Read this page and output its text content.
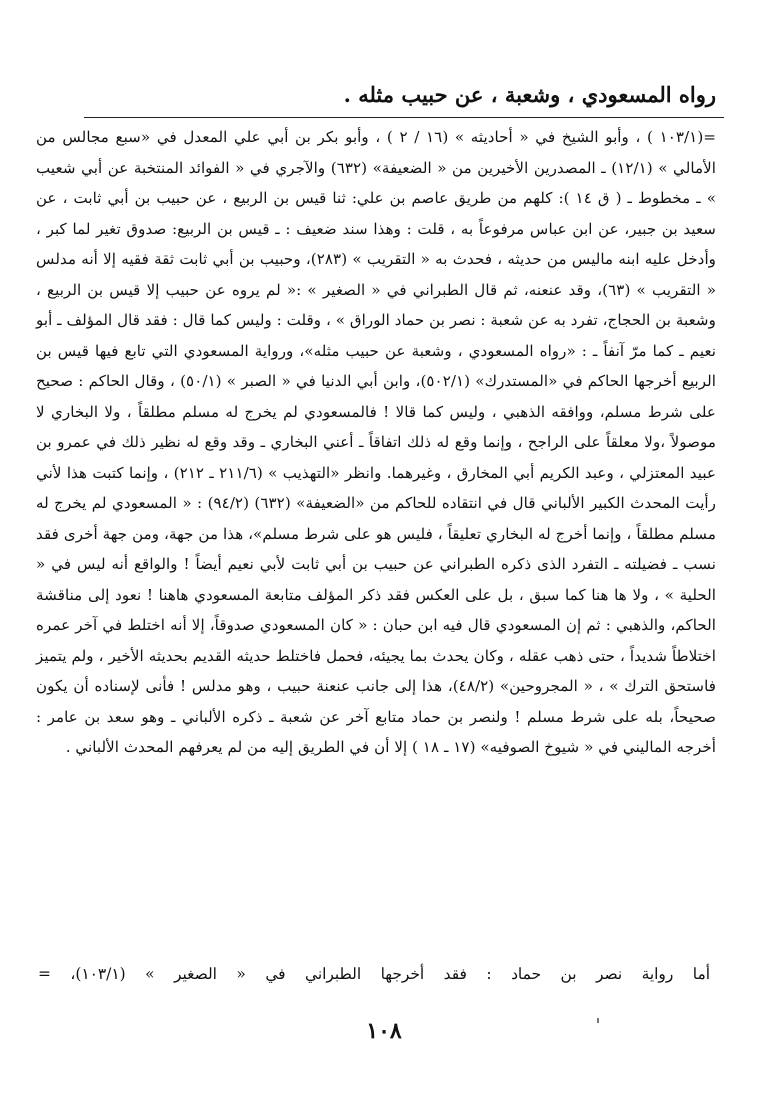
رواه المسعودي ، وشعبة ، عن حبيب مثله .

=(١٠٣/١ ) ، وأبو الشيخ في « أحاديثه » (١٦ / ٢ ) ، وأبو بكر بن أبي علي المعدل في «سبع مجالس من الأمالي » (١٢/١) ـ المصدرين الأخيرين من « الضعيفة» (٦٣٢) والآجري في « الفوائد المنتخبة عن أبي شعيب » ـ مخطوط ـ ( ق ١٤ ): كلهم من طريق عاصم بن علي: ثنا قيس بن الربيع ، عن حبيب بن أبي ثابت ، عن سعيد بن جبير، عن ابن عباس مرفوعاً به ، قلت : وهذا سند ضعيف : ـ قيس بن الربيع: صدوق تغير لما كبر ، وأدخل عليه ابنه ماليس من حديثه ، فحدث به « التقريب » (٢٨٣)، وحبيب بن أبي ثابت ثقة فقيه إلا أنه مدلس « التقريب » (٦٣)، وقد عنعنه، ثم قال الطبراني في « الصغير » :« لم يروه عن حبيب إلا قيس بن الربيع ، وشعبة بن الحجاج، تفرد به عن شعبة : نصر بن حماد الوراق » ، وقلت : وليس كما قال : فقد قال المؤلف ـ أبو نعيم ـ كما مرّ آنفاً ـ : «رواه المسعودي ، وشعبة عن حبيب مثله»، ورواية المسعودي التي تابع فيها قيس بن الربيع أخرجها الحاكم في «المستدرك» (٥٠٢/١)، وابن أبي الدنيا في « الصبر » (٥٠/١) ، وقال الحاكم : صحيح على شرط مسلم، ووافقه الذهبي ، وليس كما قالا ! فالمسعودي لم يخرج له مسلم مطلقاً ، ولا البخاري لا موصولاً ،ولا معلقاً على الراجح ، وإنما وقع له ذلك اتفاقاً ـ أعني البخاري ـ وقد وقع له نظير ذلك في عمرو بن عبيد المعتزلي ، وعبد الكريم أبي المخارق ، وغيرهما. وانظر «التهذيب » (٢١١/٦ ـ ٢١٢) ، وإنما كتبت هذا لأني رأيت المحدث الكبير الألباني قال في انتقاده للحاكم من «الضعيفة» (٦٣٢) (٩٤/٢) : « المسعودي لم يخرج له مسلم مطلقاً ، وإنما أخرج له البخاري تعليقاً ، فليس هو على شرط مسلم»، هذا من جهة، ومن جهة أخرى فقد نسب ـ فضيلته ـ التفرد الذى ذكره الطبراني عن حبيب بن أبي ثابت لأبي نعيم أيضاً ! والواقع أنه ليس في « الحلية » ، ولا ها هنا كما سبق ، بل على العكس فقد ذكر المؤلف متابعة المسعودي هاهنا ! نعود إلى مناقشة الحاكم، والذهبي : ثم إن المسعودي قال فيه ابن حبان : « كان المسعودي صدوقاً، إلا أنه اختلط في آخر عمره اختلاطاً شديداً ، حتى ذهب عقله ، وكان يحدث بما يجيئه، فحمل فاختلط حديثه القديم بحديثه الأخير ، ولم يتميز فاستحق الترك » ، « المجروحين» (٤٨/٢)، هذا إلى جانب عنعنة حبيب ، وهو مدلس ! فأنى لإسناده أن يكون صحيحاً، بله على شرط مسلم ! ولنصر بن حماد متابع آخر عن شعبة ـ ذكره الألباني ـ وهو سعد بن عامر : أخرجه الماليني في « شيوخ الصوفيه» (١٧ ـ ١٨ ) إلا أن في الطريق إليه من لم يعرفهم المحدث الألباني .

أما رواية نصر بن حماد : فقد أخرجها الطبراني في « الصغير » (١٠٣/١)، =
١٠٨
